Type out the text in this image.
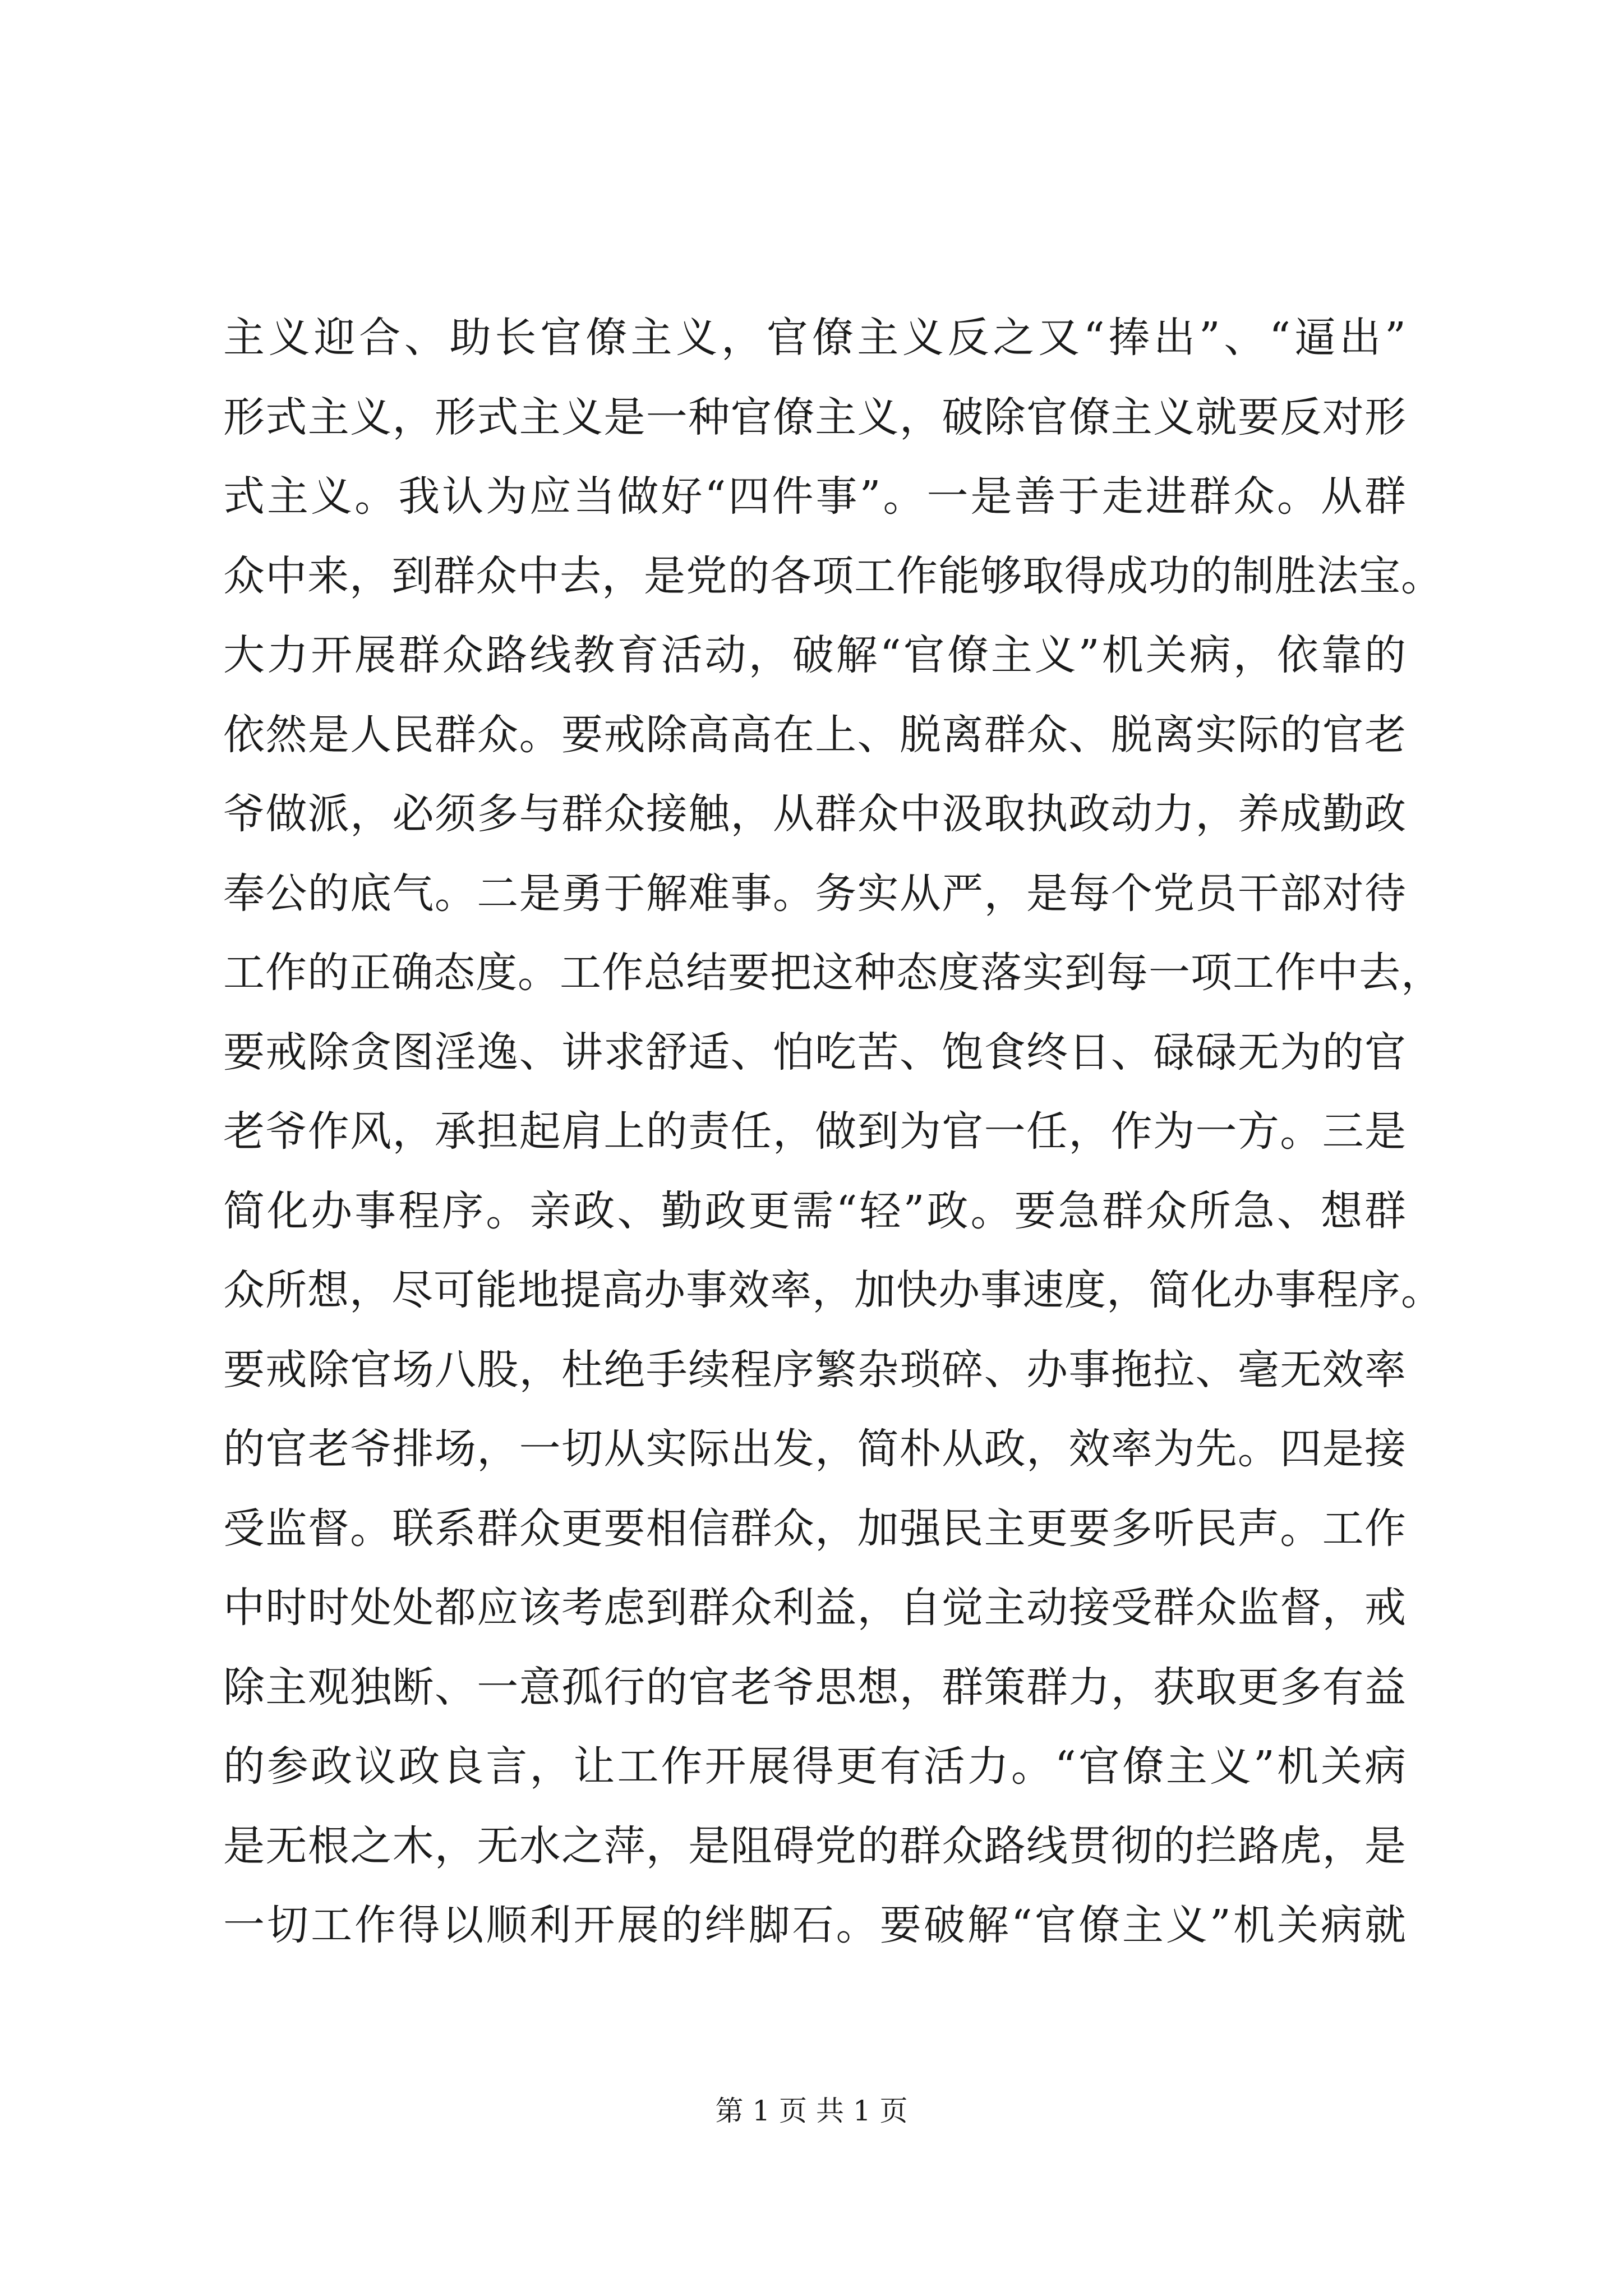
主义迎合、助长官僚主义，官僚主义反之又“捧出”、“逼出”
形式主义，形式主义是一种官僚主义，破除官僚主义就要反对形
式主义。我认为应当做好“四件事”。一是善于走进群众。从群
众中来，到群众中去，是党的各项工作能够取得成功的制胜法宝。
大力开展群众路线教育活动，破解“官僚主义”机关病，依靠的
依然是人民群众。要戒除高高在上、脱离群众、脱离实际的官老
爷做派，必须多与群众接触，从群众中汲取执政动力，养成勤政
奉公的底气。二是勇于解难事。务实从严，是每个党员干部对待
工作的正确态度。工作总结要把这种态度落实到每一项工作中去，
要戒除贪图淫逸、讲求舒适、怕吃苦、饱食终日、碌碌无为的官
老爷作风，承担起肩上的责任，做到为官一任，作为一方。三是
简化办事程序。亲政、勤政更需“轻”政。要急群众所急、想群
众所想，尽可能地提高办事效率，加快办事速度，简化办事程序。
要戒除官场八股，杜绝手续程序繁杂琐碎、办事拖拉、毫无效率
的官老爷排场，一切从实际出发，简朴从政，效率为先。四是接
受监督。联系群众更要相信群众，加强民主更要多听民声。工作
中时时处处都应该考虑到群众利益，自觉主动接受群众监督，戒
除主观独断、一意孤行的官老爷思想，群策群力，获取更多有益
的参政议政良言，让工作开展得更有活力。“官僚主义”机关病
是无根之木，无水之萍，是阻碍党的群众路线贯彻的拦路虎，是
一切工作得以顺利开展的绊脚石。要破解“官僚主义”机关病就
第 1 页 共 1 页
